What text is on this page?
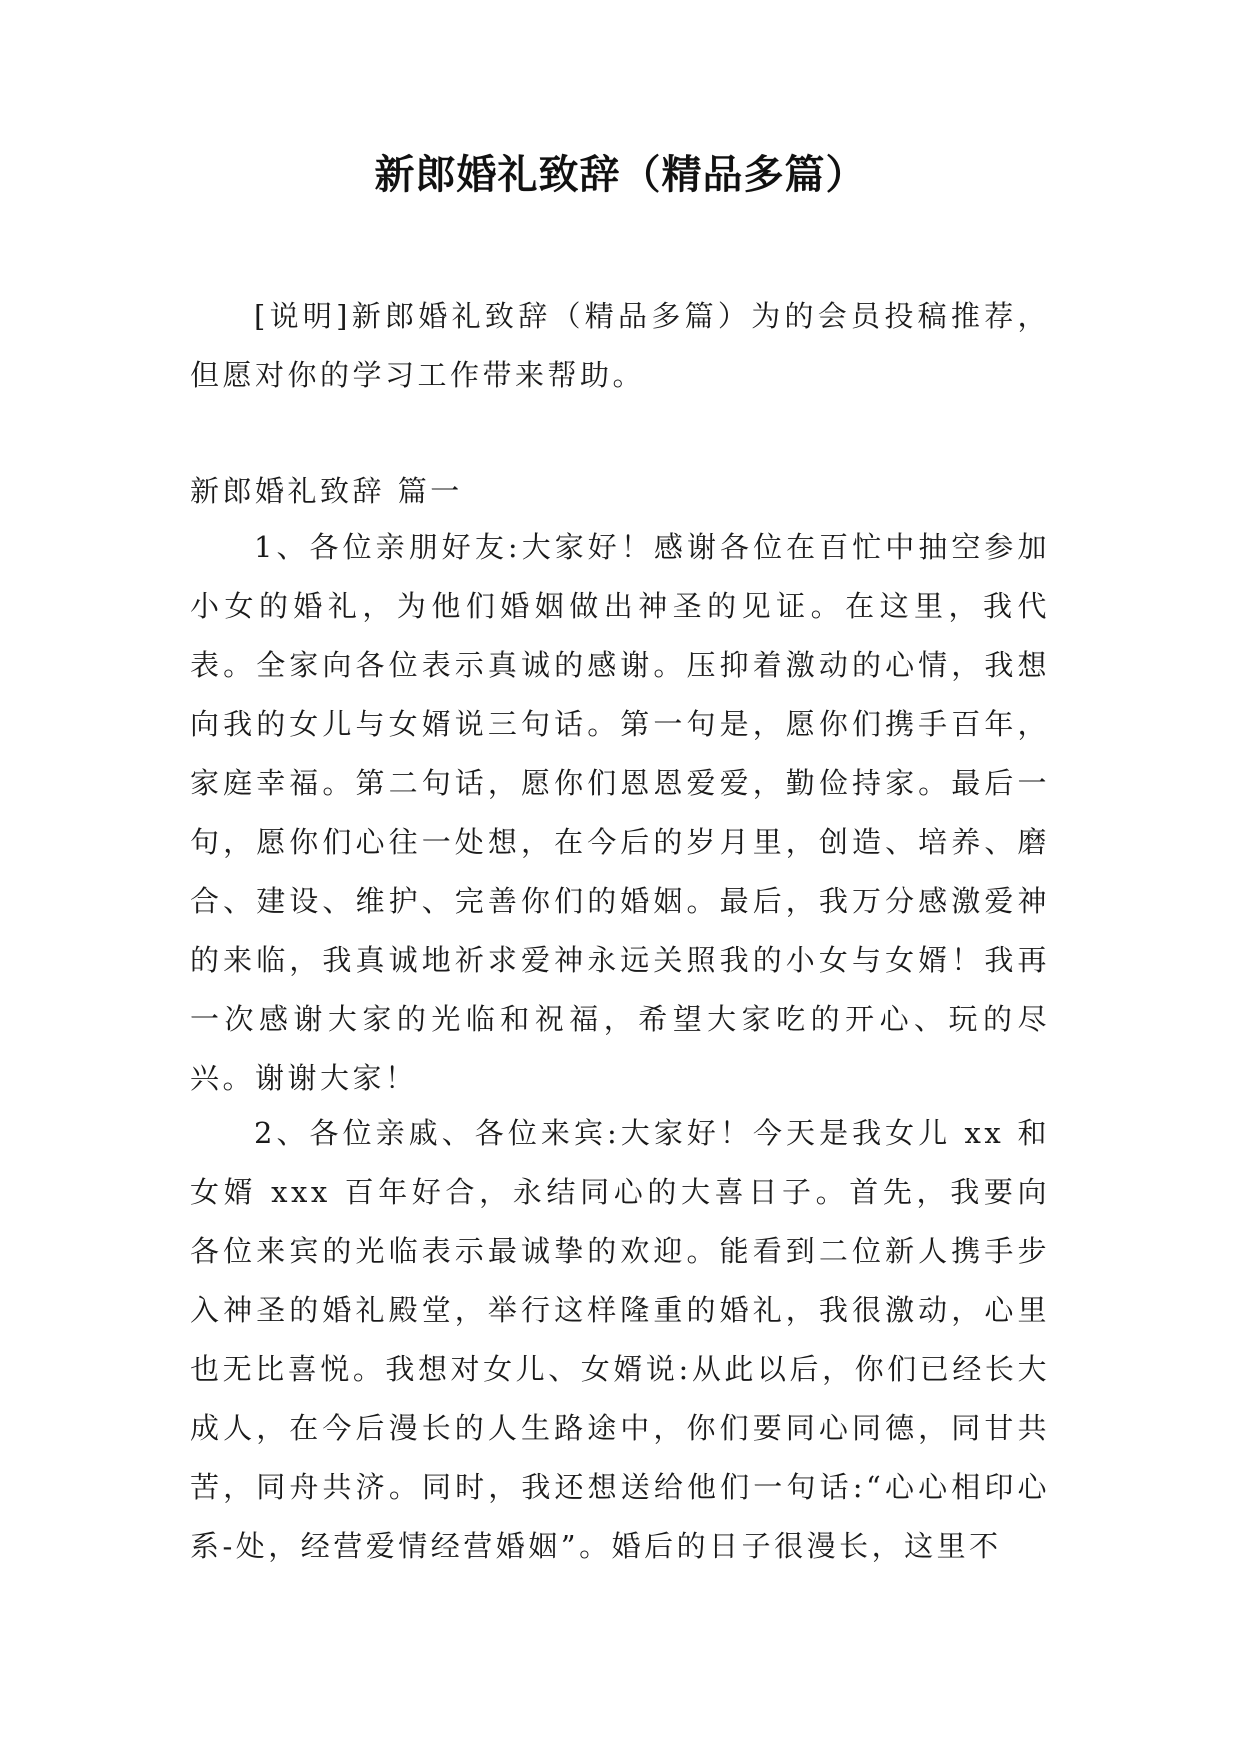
新郎婚礼致辞（精品多篇）

[说明]新郎婚礼致辞（精品多篇）为的会员投稿推荐，但愿对你的学习工作带来帮助。

新郎婚礼致辞 篇一

1、各位亲朋好友:大家好！感谢各位在百忙中抽空参加小女的婚礼，为他们婚姻做出神圣的见证。在这里，我代表。全家向各位表示真诚的感谢。压抑着激动的心情，我想向我的女儿与女婿说三句话。第一句是，愿你们携手百年，家庭幸福。第二句话，愿你们恩恩爱爱，勤俭持家。最后一句，愿你们心往一处想，在今后的岁月里，创造、培养、磨合、建设、维护、完善你们的婚姻。最后，我万分感激爱神的来临，我真诚地祈求爱神永远关照我的小女与女婿！我再一次感谢大家的光临和祝福，希望大家吃的开心、玩的尽兴。谢谢大家！

2、各位亲戚、各位来宾:大家好！今天是我女儿 xx 和女婿 xxx 百年好合，永结同心的大喜日子。首先，我要向各位来宾的光临表示最诚挚的欢迎。能看到二位新人携手步入神圣的婚礼殿堂，举行这样隆重的婚礼，我很激动，心里也无比喜悦。我想对女儿、女婿说:从此以后，你们已经长大成人，在今后漫长的人生路途中，你们要同心同德，同甘共苦，同舟共济。同时，我还想送给他们一句话:“心心相印心系-处，经营爱情经营婚姻”。婚后的日子很漫长，这里不
